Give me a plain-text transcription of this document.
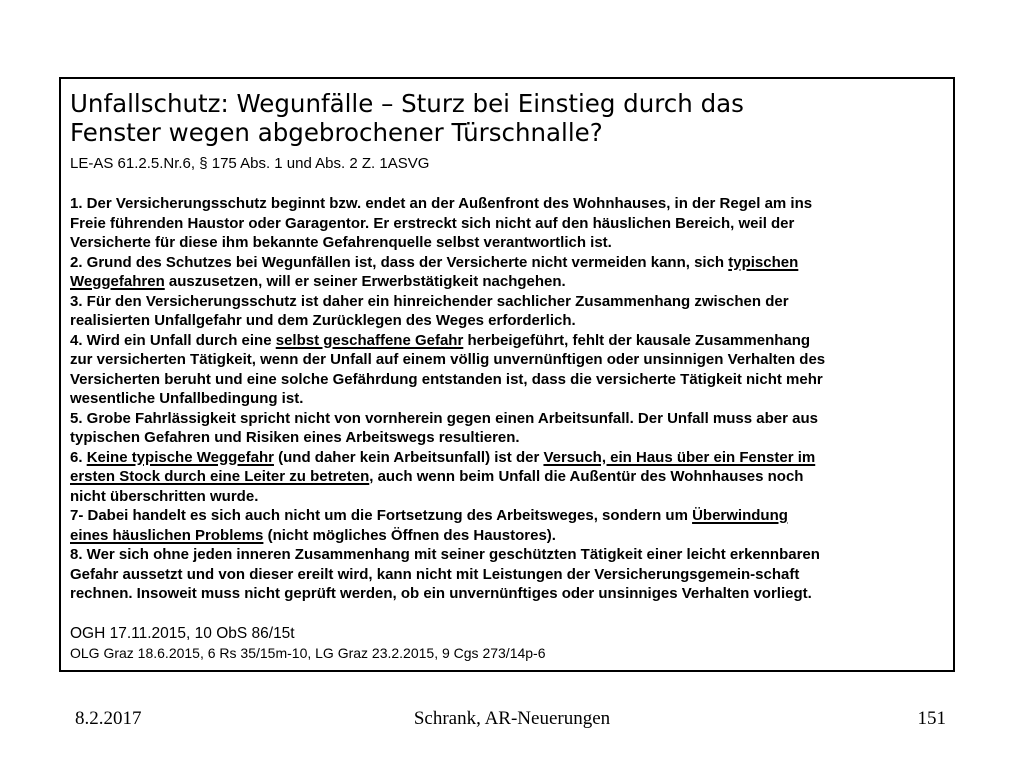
Unfallschutz: Wegunfälle – Sturz bei Einstieg durch das
Fenster wegen abgebrochener Türschnalle?
LE-AS 61.2.5.Nr.6, § 175 Abs. 1 und Abs. 2 Z. 1ASVG
1. Der Versicherungsschutz beginnt bzw. endet an der Außenfront des Wohnhauses, in der Regel am ins
Freie führenden Haustor oder Garagentor. Er erstreckt sich nicht auf den häuslichen Bereich, weil der
Versicherte für diese ihm bekannte Gefahrenquelle selbst verantwortlich ist.
2. Grund des Schutzes bei Wegunfällen ist, dass der Versicherte nicht vermeiden kann, sich typischen
Weggefahren auszusetzen, will er seiner Erwerbstätigkeit nachgehen.
3. Für den Versicherungsschutz ist daher ein hinreichender sachlicher Zusammenhang zwischen der
realisierten Unfallgefahr und dem Zurücklegen des Weges erforderlich.
4. Wird ein Unfall durch eine selbst geschaffene Gefahr herbeigeführt, fehlt der kausale Zusammenhang
zur versicherten Tätigkeit, wenn der Unfall auf einem völlig unvernünftigen oder unsinnigen Verhalten des
Versicherten beruht und eine solche Gefährdung entstanden ist, dass die versicherte Tätigkeit nicht mehr
wesentliche Unfallbedingung ist.
5. Grobe Fahrlässigkeit spricht nicht von vornherein gegen einen Arbeitsunfall. Der Unfall muss aber aus
typischen Gefahren und Risiken eines Arbeitswegs resultieren.
6. Keine typische Weggefahr (und daher kein Arbeitsunfall) ist der Versuch, ein Haus über ein Fenster im
ersten Stock durch eine Leiter zu betreten, auch wenn beim Unfall die Außentür des Wohnhauses noch
nicht überschritten wurde.
7- Dabei handelt es sich auch nicht um die Fortsetzung des Arbeitsweges, sondern um Überwindung
eines häuslichen Problems (nicht mögliches Öffnen des Haustores).
8. Wer sich ohne jeden inneren Zusammenhang mit seiner geschützten Tätigkeit einer leicht erkennbaren
Gefahr aussetzt und von dieser ereilt wird, kann nicht mit Leistungen der Versicherungsgemein-schaft
rechnen. Insoweit muss nicht geprüft werden, ob ein unvernünftiges oder unsinniges Verhalten vorliegt.
OGH 17.11.2015, 10 ObS 86/15t
OLG Graz 18.6.2015, 6 Rs 35/15m-10, LG Graz 23.2.2015, 9 Cgs 273/14p-6
8.2.2017	Schrank, AR-Neuerungen	151
